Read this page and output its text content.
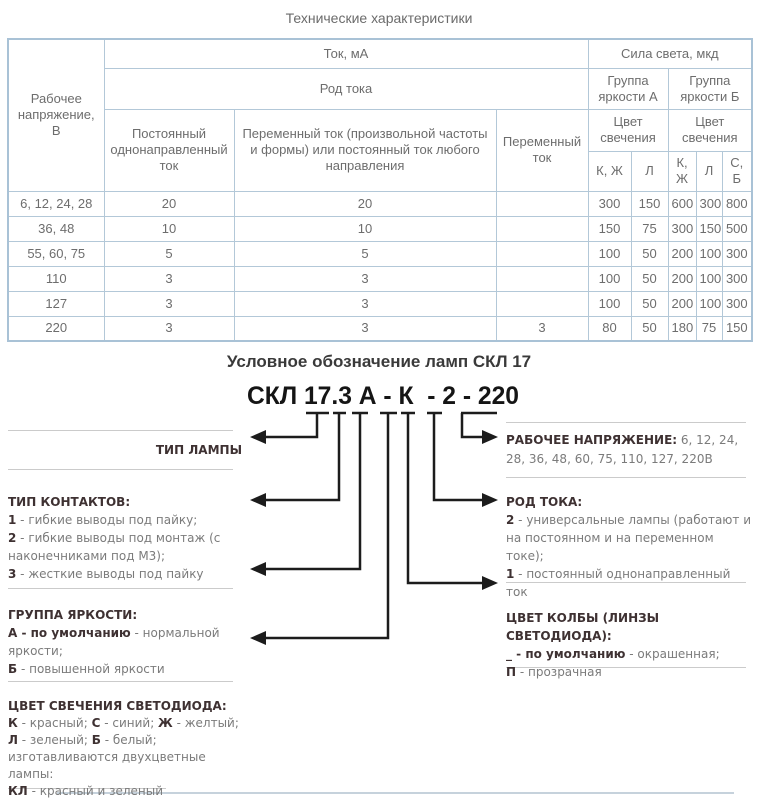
Технические характеристики
Рабочее напряжение, В	Ток, мА			Сила света, мкд				
	Род тока			Группа яркости А		Группа яркости Б		
	Постоянный однонаправленный ток	Переменный ток (произвольной частоты и формы) или постоянный ток любого направления	Переменный ток	Цвет свечения		Цвет свечения		
				К, Ж	Л	К, Ж	Л	С, Б
6, 12, 24, 28	20	20		300	150	600	300	800
36, 48	10	10		150	75	300	150	500
55, 60, 75	5	5		100	50	200	100	300
110	3	3		100	50	200	100	300
127	3	3		100	50	200	100	300
220	3	3	3	80	50	180	75	150
Условное обозначение ламп СКЛ 17
СКЛ 17.3 А - К  - 2 - 220

ТИП ЛАМПЫ

ТИП КОНТАКТОВ:

1 - гибкие выводы под пайку;

2 - гибкие выводы под монтаж (с наконечниками под М3);

3 - жесткие выводы под пайку

ГРУППА ЯРКОСТИ:

А - по умолчанию - нормальной яркости;

Б - повышенной яркости

ЦВЕТ СВЕЧЕНИЯ СВЕТОДИОДА:

К - красный; С - синий; Ж - желтый; Л - зеленый; Б - белый;

изготавливаются двухцветные лампы:

КЛ - красный и зеленый

РАБОЧЕЕ НАПРЯЖЕНИЕ: 6, 12, 24, 28, 36, 48, 60, 75, 110, 127, 220В

РОД ТОКА:

2 - универсальные лампы (работают и на постоянном и на переменном токе);

1 - постоянный однонаправленный ток

ЦВЕТ КОЛБЫ (ЛИНЗЫ СВЕТОДИОДА):

_ - по умолчанию - окрашенная;

П - прозрачная
